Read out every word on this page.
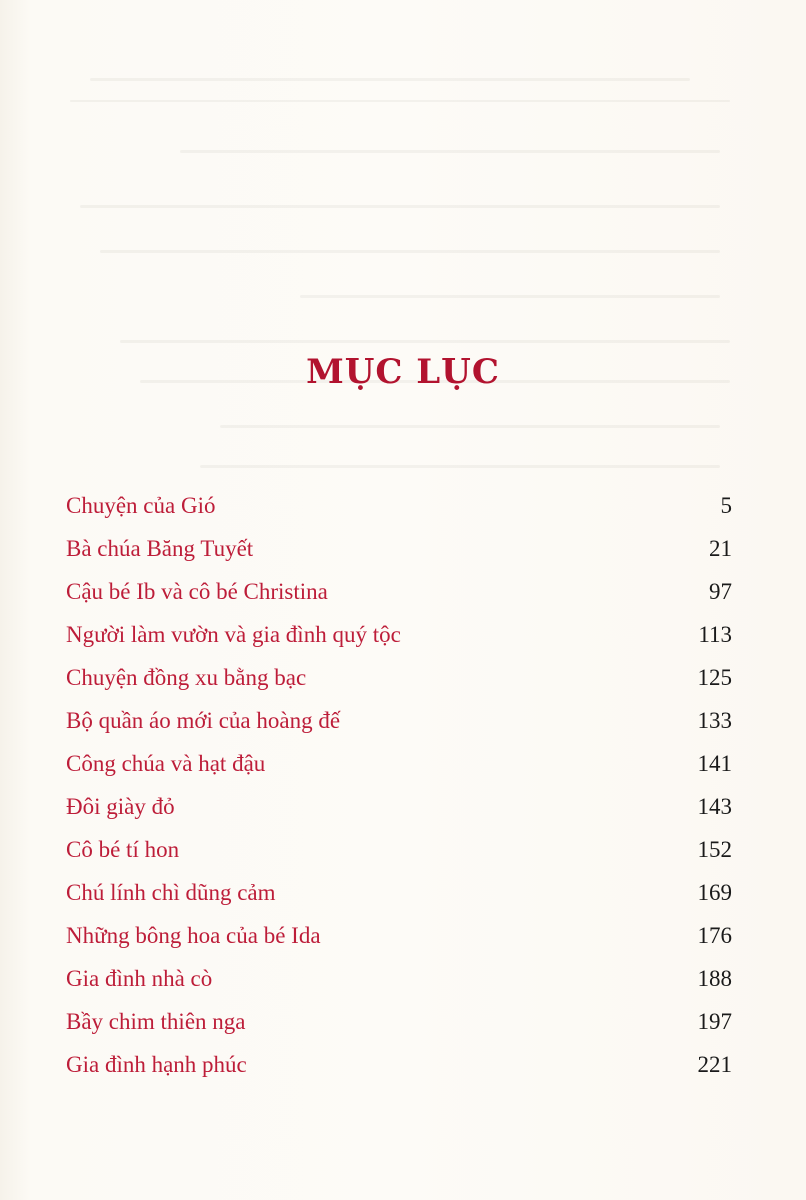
MỤC LỤC
Chuyện của Gió	5
Bà chúa Băng Tuyết	21
Cậu bé Ib và cô bé Christina	97
Người làm vườn và gia đình quý tộc	113
Chuyện đồng xu bằng bạc	125
Bộ quần áo mới của hoàng đế	133
Công chúa và hạt đậu	141
Đôi giày đỏ	143
Cô bé tí hon	152
Chú lính chì dũng cảm	169
Những bông hoa của bé Ida	176
Gia đình nhà cò	188
Bầy chim thiên nga	197
Gia đình hạnh phúc	221
